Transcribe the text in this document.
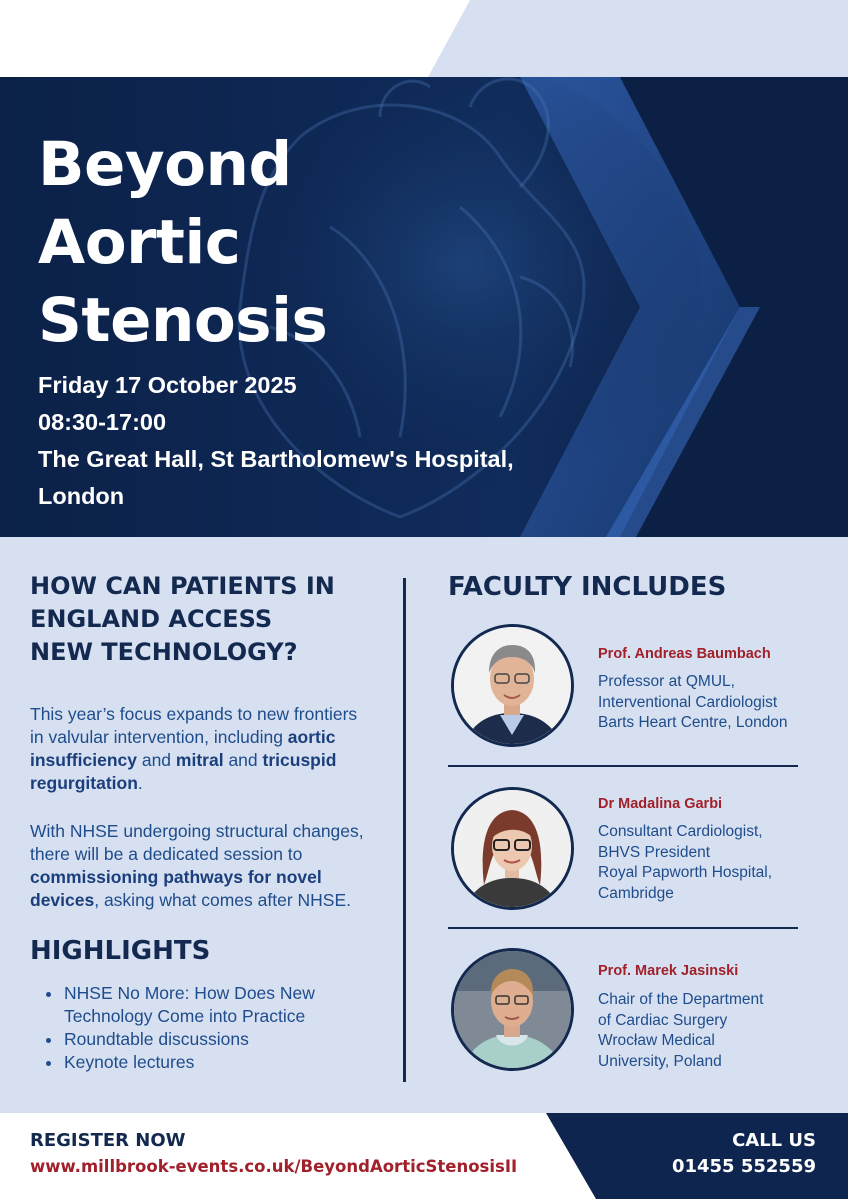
Beyond
Aortic
Stenosis
Friday 17 October 2025
08:30-17:00
The Great Hall, St Bartholomew's Hospital,
London
HOW CAN PATIENTS IN
ENGLAND ACCESS
NEW TECHNOLOGY?

This year’s focus expands to new frontiers in valvular intervention, including aortic insufficiency and mitral and tricuspid regurgitation.

With NHSE undergoing structural changes, there will be a dedicated session to commissioning pathways for novel devices, asking what comes after NHSE.

HIGHLIGHTS
NHSE No More: How Does New Technology Come into Practice
Roundtable discussions
Keynote lectures
FACULTY INCLUDES
Prof. Andreas Baumbach
Professor at QMUL,
Interventional Cardiologist
Barts Heart Centre, London
Dr Madalina Garbi
Consultant Cardiologist,
BHVS President
Royal Papworth Hospital,
Cambridge
Prof. Marek Jasinski
Chair of the Department
of Cardiac Surgery
Wrocław Medical
University, Poland
REGISTER NOW
www.millbrook-events.co.uk/BeyondAorticStenosisII
CALL US
01455 552559
